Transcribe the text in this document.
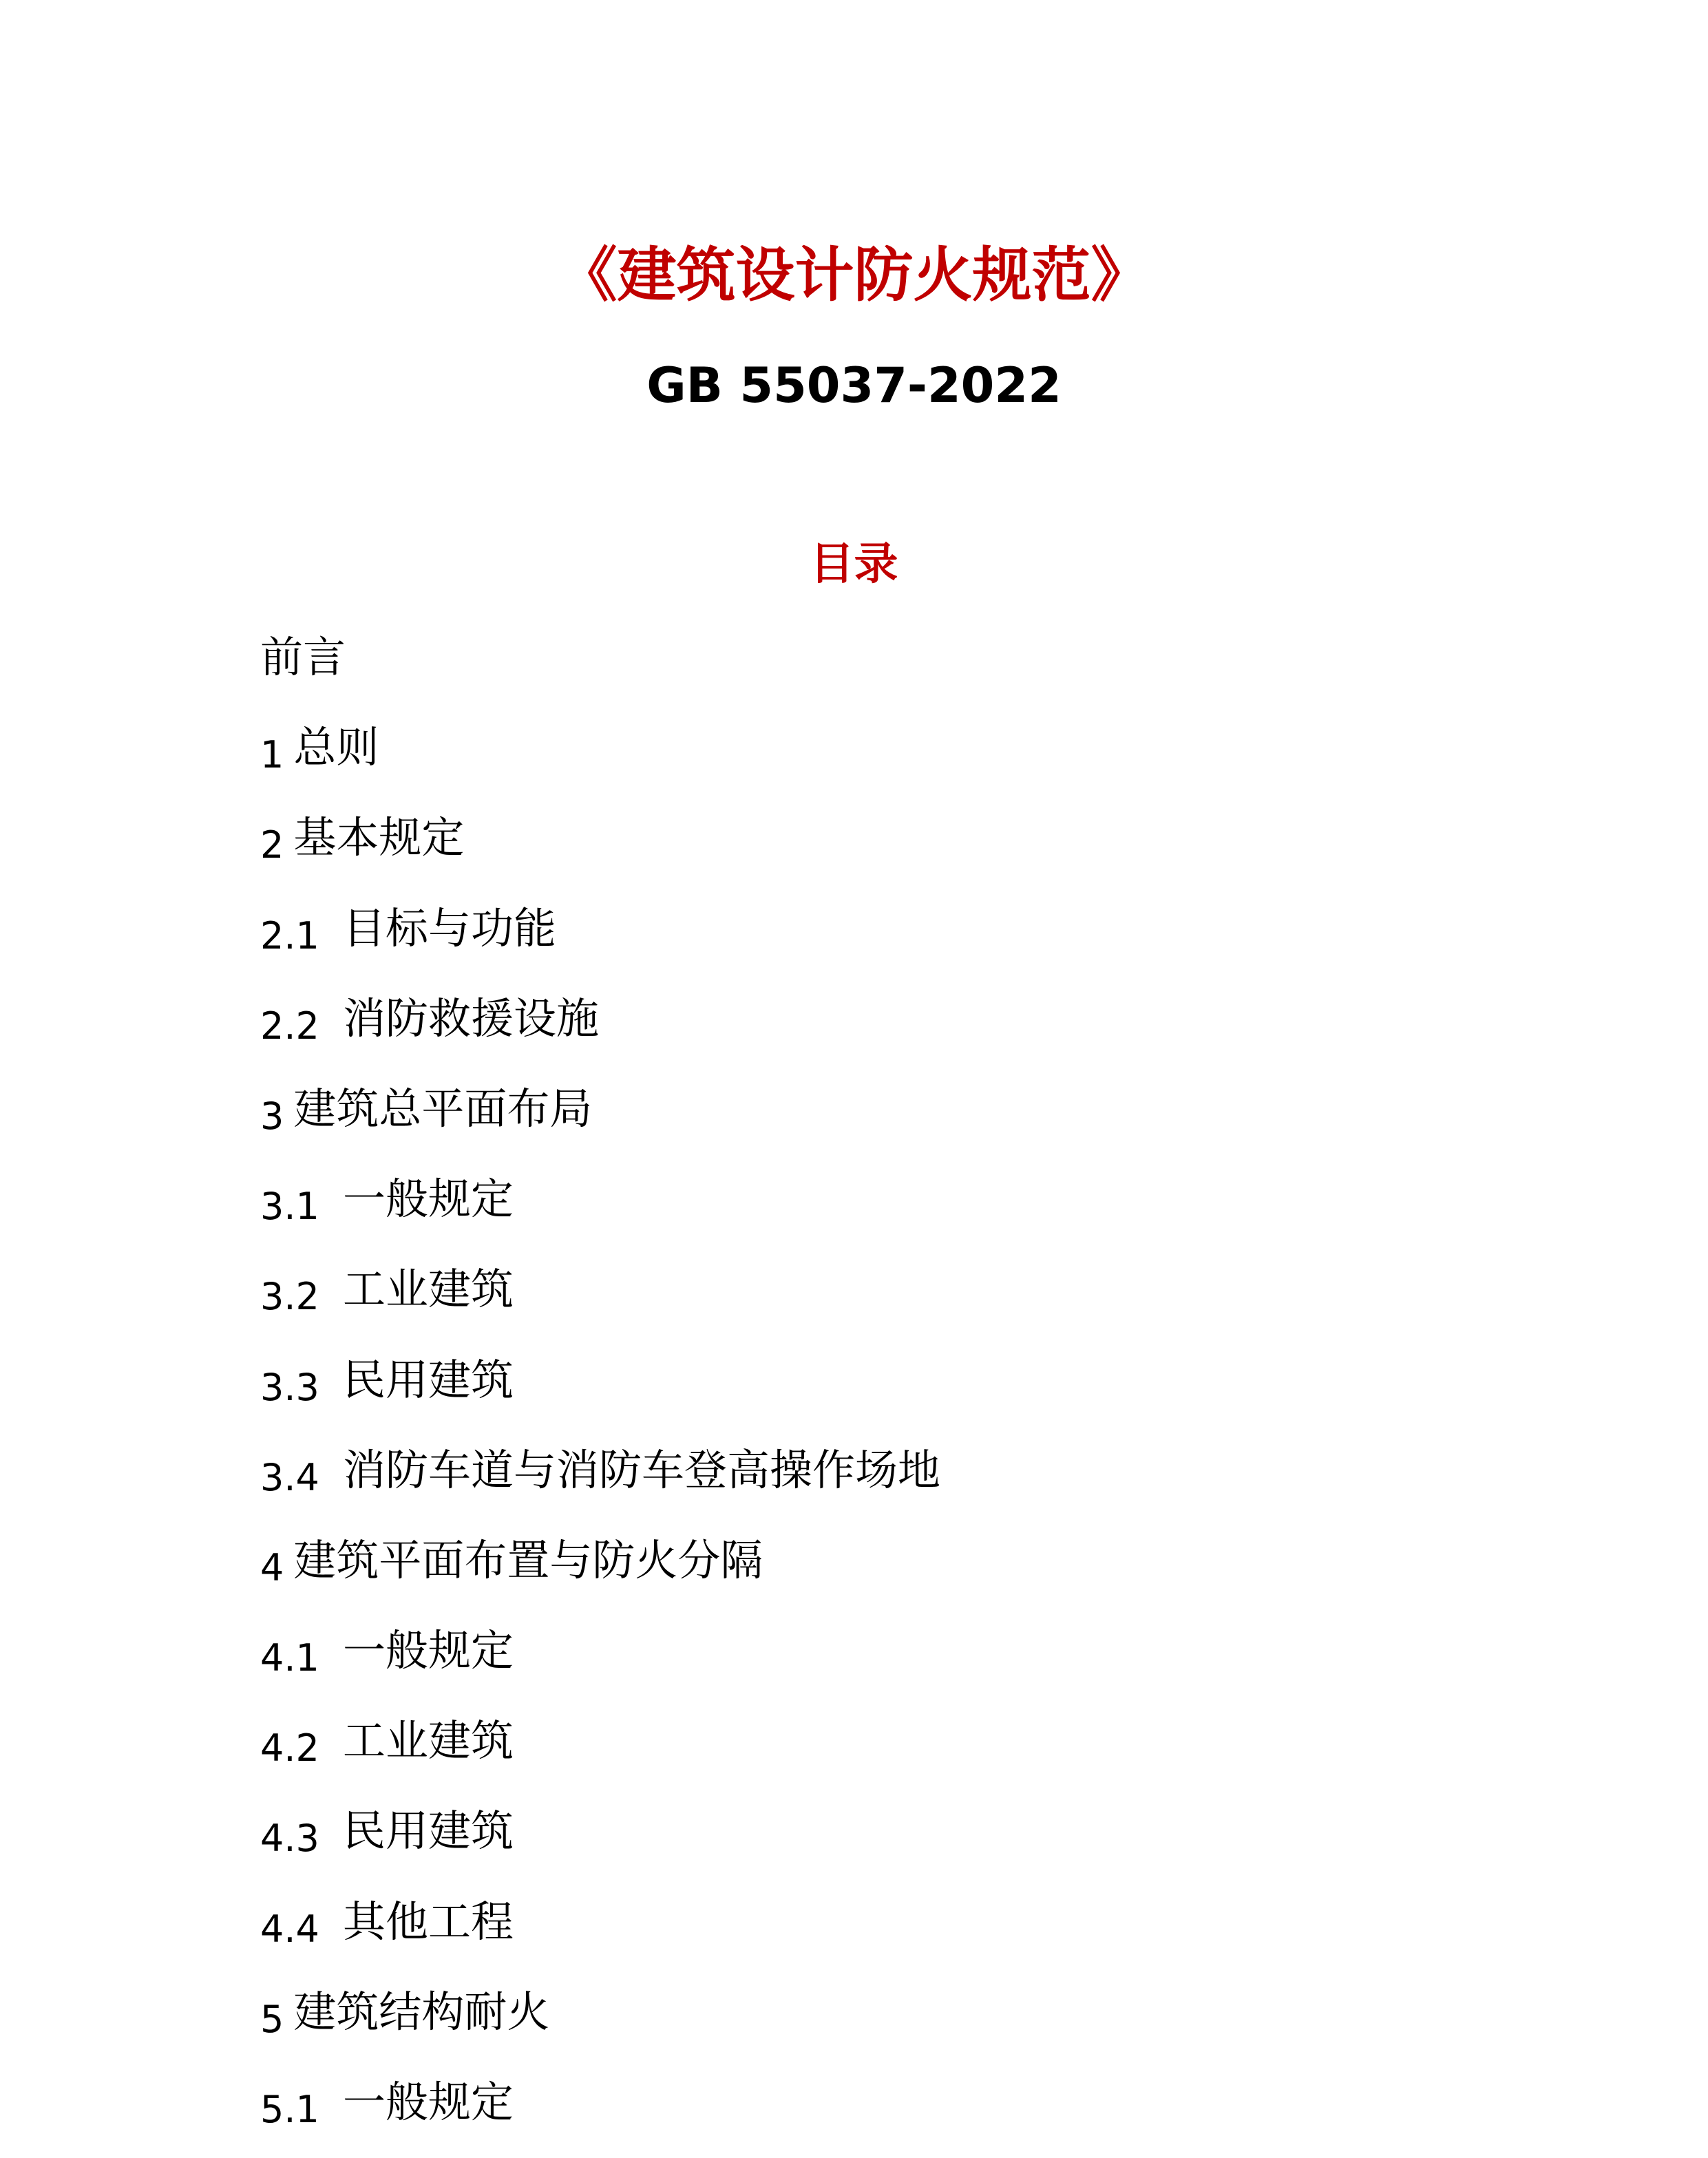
《建筑设计防火规范》
GB 55037-2022
目录
前言
1 总则
2 基本规定
2.1 目标与功能
2.2 消防救援设施
3 建筑总平面布局
3.1 一般规定
3.2 工业建筑
3.3 民用建筑
3.4 消防车道与消防车登高操作场地
4 建筑平面布置与防火分隔
4.1 一般规定
4.2 工业建筑
4.3 民用建筑
4.4 其他工程
5 建筑结构耐火
5.1 一般规定
